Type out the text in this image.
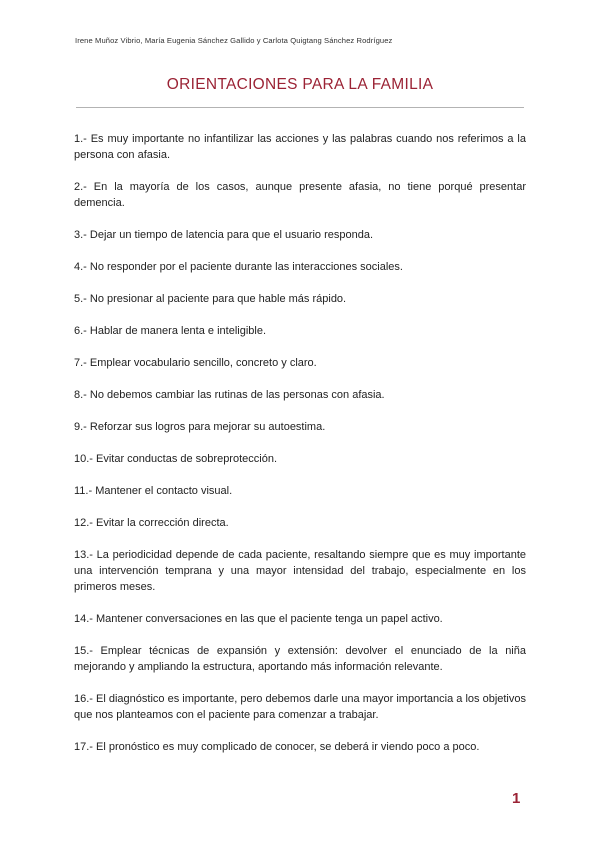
Irene Muñoz Vibrio, María Eugenia Sánchez Gallido y Carlota Quigtang Sánchez Rodríguez
ORIENTACIONES PARA LA FAMILIA

1.- Es muy importante no infantilizar las acciones y las palabras cuando nos referimos a la persona con afasia.

2.- En la mayoría de los casos, aunque presente afasia, no tiene porqué presentar demencia.

3.- Dejar un tiempo de latencia para que el usuario responda.

4.- No responder por el paciente durante las interacciones sociales.

5.- No presionar al paciente para que hable más rápido.

6.- Hablar de manera lenta e inteligible.

7.- Emplear vocabulario sencillo, concreto y claro.

8.- No debemos cambiar las rutinas de las personas con afasia.

9.- Reforzar sus logros para mejorar su autoestima.

10.- Evitar conductas de sobreprotección.

11.- Mantener el contacto visual.

12.- Evitar la corrección directa.

13.- La periodicidad depende de cada paciente, resaltando siempre que es muy importante una intervención temprana y una mayor intensidad del trabajo, especialmente en los primeros meses.

14.- Mantener conversaciones en las que el paciente tenga un papel activo.

15.- Emplear técnicas de expansión y extensión: devolver el enunciado de la niña mejorando y ampliando la estructura, aportando más información relevante.

16.- El diagnóstico es importante, pero debemos darle una mayor importancia a los objetivos que nos planteamos con el paciente para comenzar a trabajar.

17.- El pronóstico es muy complicado de conocer, se deberá ir viendo poco a poco.

1
